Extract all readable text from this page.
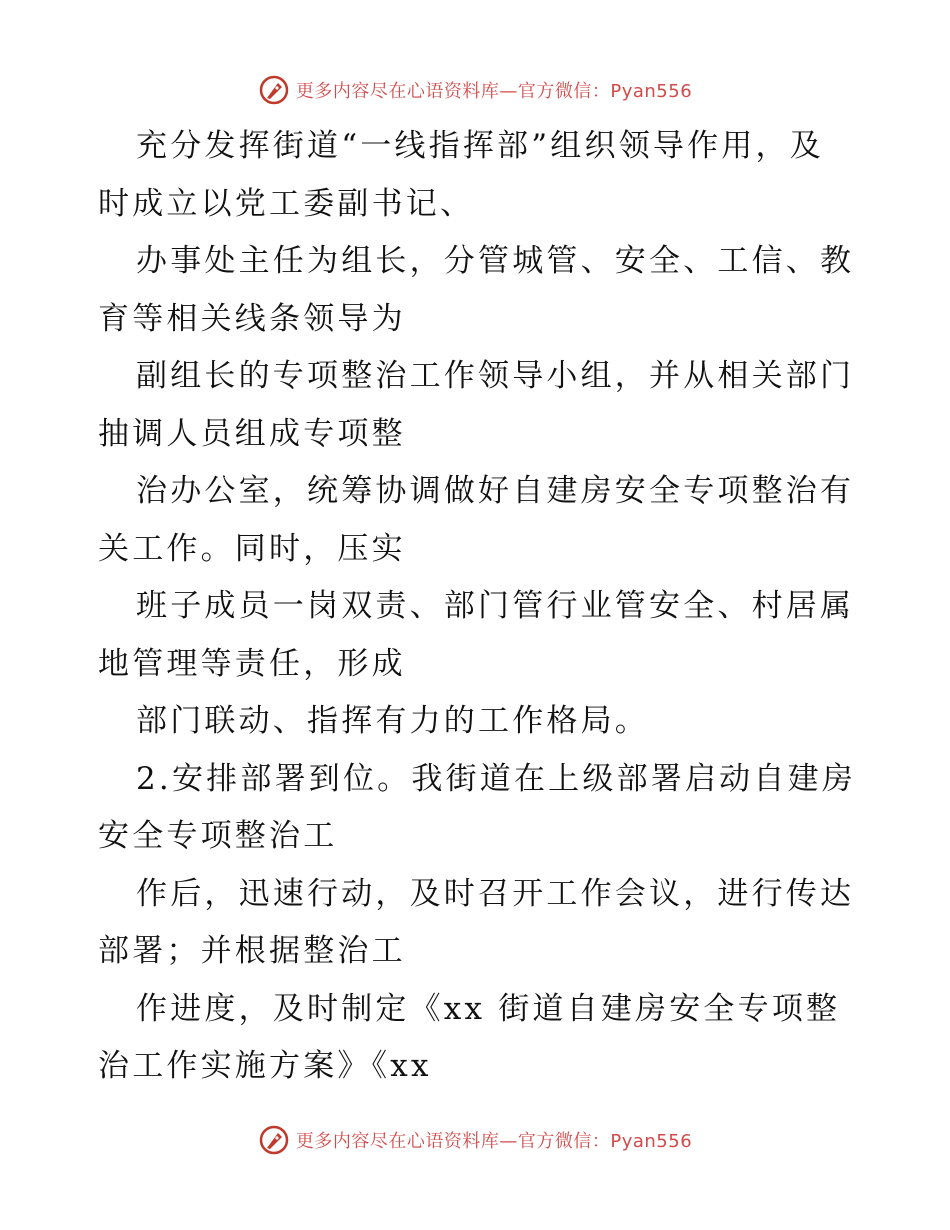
更多内容尽在心语资料库—官方微信：Pyan556
充分发挥街道“一线指挥部”组织领导作用，及
时成立以党工委副书记、
办事处主任为组长，分管城管、安全、工信、教
育等相关线条领导为
副组长的专项整治工作领导小组，并从相关部门
抽调人员组成专项整
治办公室，统筹协调做好自建房安全专项整治有
关工作。同时，压实
班子成员一岗双责、部门管行业管安全、村居属
地管理等责任，形成
部门联动、指挥有力的工作格局。
2.安排部署到位。我街道在上级部署启动自建房
安全专项整治工
作后，迅速行动，及时召开工作会议，进行传达
部署；并根据整治工
作进度，及时制定《xx 街道自建房安全专项整
治工作实施方案》《xx
更多内容尽在心语资料库—官方微信：Pyan556
